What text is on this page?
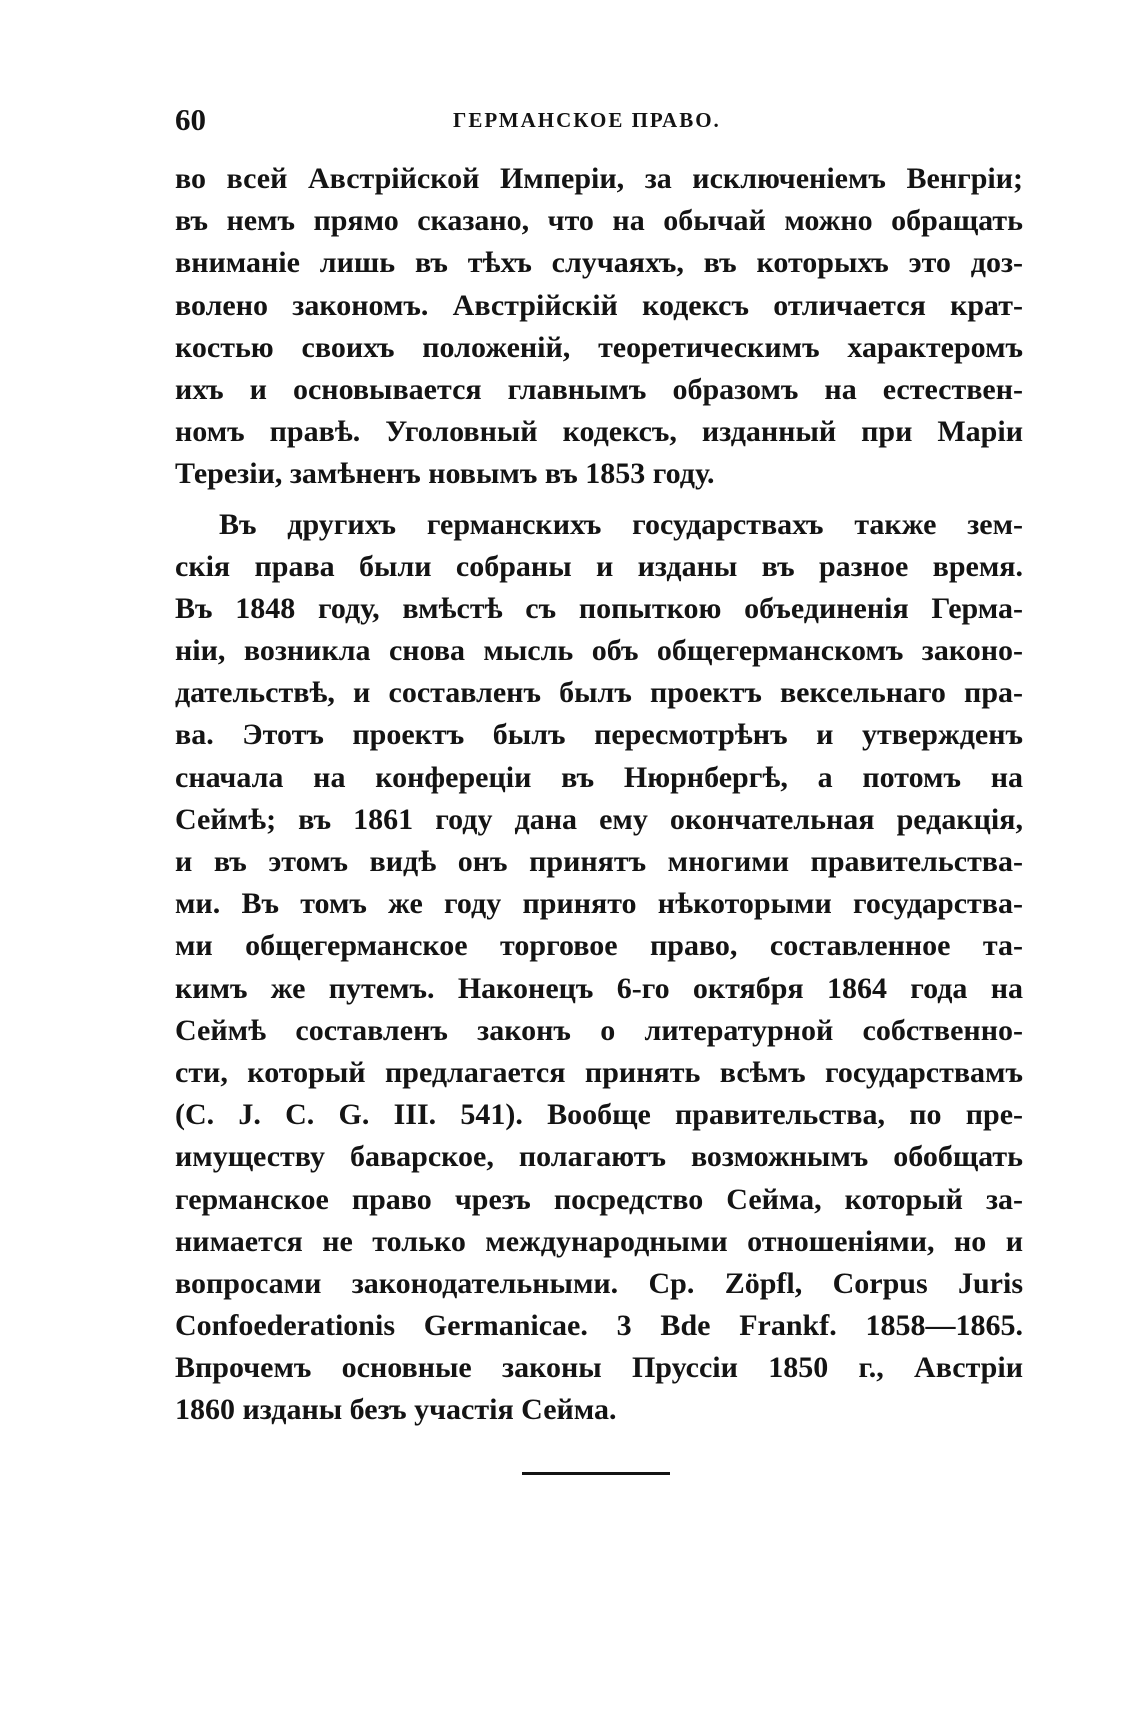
60	ГЕРМАНСКОЕ ПРАВО.
во всей Австрійской Имперіи, за исключеніемъ Венгріи;
въ немъ прямо сказано, что на обычай можно обращать
вниманіе лишь въ тѣхъ случаяхъ, въ которыхъ это доз-
волено закономъ. Австрійскій кодексъ отличается крат-
костью своихъ положеній, теоретическимъ характеромъ
ихъ и основывается главнымъ образомъ на естествен-
номъ правѣ. Уголовный кодексъ, изданный при Маріи
Терезіи, замѣненъ новымъ въ 1853 году.
Въ другихъ германскихъ государствахъ также зем-
скія права были собраны и изданы въ разное время.
Въ 1848 году, вмѣстѣ съ попыткою объединенія Герма-
ніи, возникла снова мысль объ общегерманскомъ законо-
дательствѣ, и составленъ былъ проектъ вексельнаго пра-
ва. Этотъ проектъ былъ пересмотрѣнъ и утвержденъ
сначала на конфереціи въ Нюрнбергѣ, а потомъ на
Сеймѣ; въ 1861 году дана ему окончательная редакція,
и въ этомъ видѣ онъ принятъ многими правительства-
ми. Въ томъ же году принято нѣкоторыми государства-
ми общегерманское торговое право, составленное та-
кимъ же путемъ. Наконецъ 6-го октября 1864 года на
Сеймѣ составленъ законъ о литературной собственно-
сти, который предлагается принять всѣмъ государствамъ
(C. J. C. G. III. 541). Вообще правительства, по пре-
имуществу баварское, полагаютъ возможнымъ обобщать
германское право чрезъ посредство Сейма, который за-
нимается не только международными отношеніями, но и
вопросами законодательными. Ср. Zöpfl, Corpus Juris
Confoederationis Germanicae. 3 Bde Frankf. 1858—1865.
Впрочемъ основные законы Пруссіи 1850 г., Австріи
1860 изданы безъ участія Сейма.
